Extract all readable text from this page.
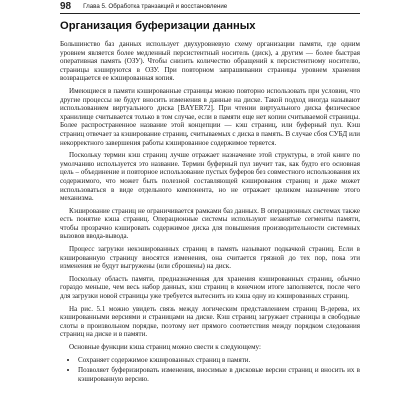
98 Глава 5. Обработка транзакций и восстановление
Организация буферизации данных

Большинство баз данных использует двухуровневую схему организации памяти, где одним уровнем является более медленный персистентный носитель (диск), а другим — более быстрая оперативная память (ОЗУ). Чтобы снизить количество обращений к персистентному носителю, страницы кэшируются в ОЗУ. При повторном запрашивании страницы уровнем хранения возвращается ее кэшированная копия.

Имеющиеся в памяти кэшированные страницы можно повторно использовать при условии, что другие процессы не будут вносить изменения в данные на диске. Такой подход иногда называют использованием виртуального диска [BAYER72]. При чтении виртуального диска физическое хранилище считывается только в том случае, если в памяти еще нет копии считываемой страницы. Более распространенное название этой концепции — кэш страниц, или буферный пул. Кэш страниц отвечает за кэширование страниц, считываемых с диска в память. В случае сбоя СУБД или некорректного завершения работы кэшированное содержимое теряется.

Поскольку термин кэш страниц лучше отражает назначение этой структуры, в этой книге по умолчанию используется это название. Термин буферный пул звучит так, как будто его основная цель – объединение и повторное использование пустых буферов без совместного использования их содержимого, что может быть полезной составляющей кэширования страниц и даже может использоваться в виде отдельного компонента, но не отражает целиком назначение этого механизма.

Кэширование страниц не ограничивается рамками баз данных. В операционных системах также есть понятие кэша страниц. Операционные системы используют незанятые сегменты памяти, чтобы прозрачно кэшировать содержимое диска для повышения производительности системных вызовов ввода-вывода.

Процесс загрузки некэшированных страниц в память называют подкачкой страниц. Если в кэшированную страницу вносятся изменения, она считается грязной до тех пор, пока эти изменения не будут выгружены (или сброшены) на диск.

Поскольку область памяти, предназначенная для хранения кэшированных страниц, обычно гораздо меньше, чем весь набор данных, кэш страниц в конечном итоге заполняется, после чего для загрузки новой страницы уже требуется вытеснить из кэша одну из кэшированных страниц.

На рис. 5.1 можно увидеть связь между логическим представлением страниц B-дерева, их кэшированными версиями и страницами на диске. Кэш страниц загружает страницы в свободные слоты в произвольном порядке, поэтому нет прямого соответствия между порядком следования страниц на диске и в памяти.

Основные функции кэша страниц можно свести к следующему:

• Сохраняет содержимое кэшированных страниц в памяти.
• Позволяет буферизировать изменения, вносимые в дисковые версии страниц и вносить их в кэшированную версию.
